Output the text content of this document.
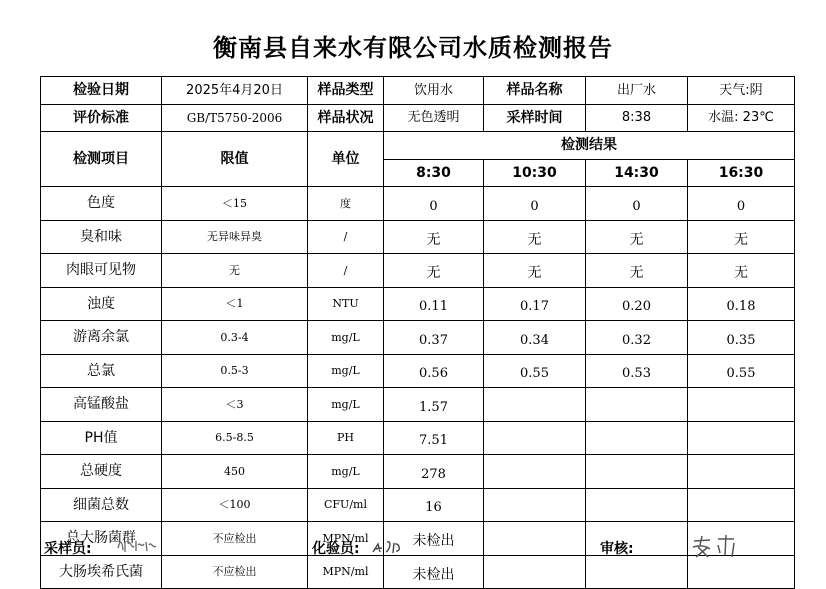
衡南县自来水有限公司水质检测报告
检验日期	2025年4月20日	样品类型	饮用水	样品名称	出厂水	天气:阴
评价标准	GB/T5750-2006	样品状况	无色透明	采样时间	8:38	水温: 23℃
检测项目	限值	单位	检测结果			
			8:30	10:30	14:30	16:30
色度	＜15	度	0	0	0	0
臭和味	无异味异臭	/	无	无	无	无
肉眼可见物	无	/	无	无	无	无
浊度	＜1	NTU	0.11	0.17	0.20	0.18
游离余氯	0.3-4	mg/L	0.37	0.34	0.32	0.35
总氯	0.5-3	mg/L	0.56	0.55	0.53	0.55
高锰酸盐	＜3	mg/L	1.57			
PH值	6.5-8.5	PH	7.51			
总硬度	450	mg/L	278			
细菌总数	＜100	CFU/ml	16			
总大肠菌群	不应检出	MPN/ml	未检出			
大肠埃希氏菌	不应检出	MPN/ml	未检出			
采样员:	化验员:	审核:
